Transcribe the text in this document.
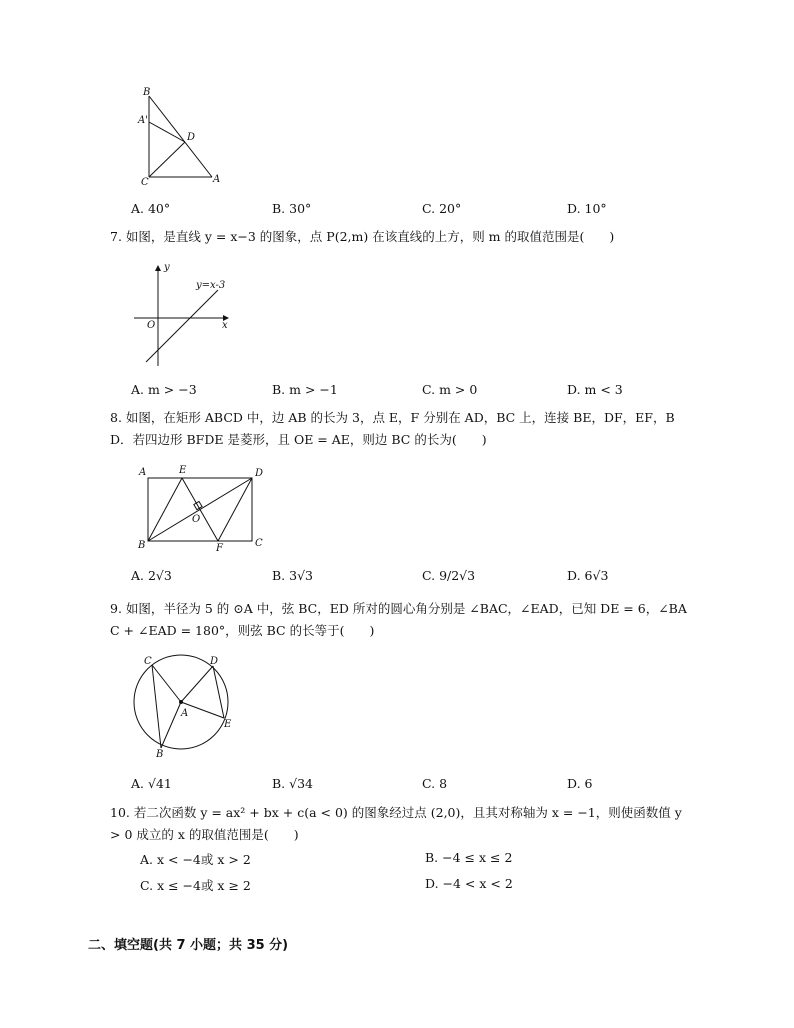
B
A'
D
C	A
A. 40°	B. 30°	C. 20°	D. 10°
7. 如图，是直线 y = x−3 的图象，点 P(2,m) 在该直线的上方，则 m 的取值范围是(　　)
y
x
O
y=x-3
A. m > −3	B. m > −1	C. m > 0	D. m < 3
8. 如图，在矩形 ABCD 中，边 AB 的长为 3，点 E，F 分别在 AD，BC 上，连接 BE，DF，EF，B
D．若四边形 BFDE 是菱形，且 OE = AE，则边 BC 的长为(　　)
A	E	D
O
B	F	C
A. 2√3	B. 3√3	C. 9/2√3	D. 6√3
9. 如图，半径为 5 的 ⊙A 中，弦 BC，ED 所对的圆心角分别是 ∠BAC，∠EAD，已知 DE = 6，∠BA
C + ∠EAD = 180°，则弦 BC 的长等于(　　)
C	D
A
E
B
A. √41	B. √34	C. 8	D. 6
10. 若二次函数 y = ax² + bx + c(a < 0) 的图象经过点 (2,0)，且其对称轴为 x = −1，则使函数值 y
> 0 成立的 x 的取值范围是(　　)
A. x < −4或 x > 2	B. −4 ≤ x ≤ 2
C. x ≤ −4或 x ≥ 2	D. −4 < x < 2
二、填空题(共 7 小题；共 35 分)
